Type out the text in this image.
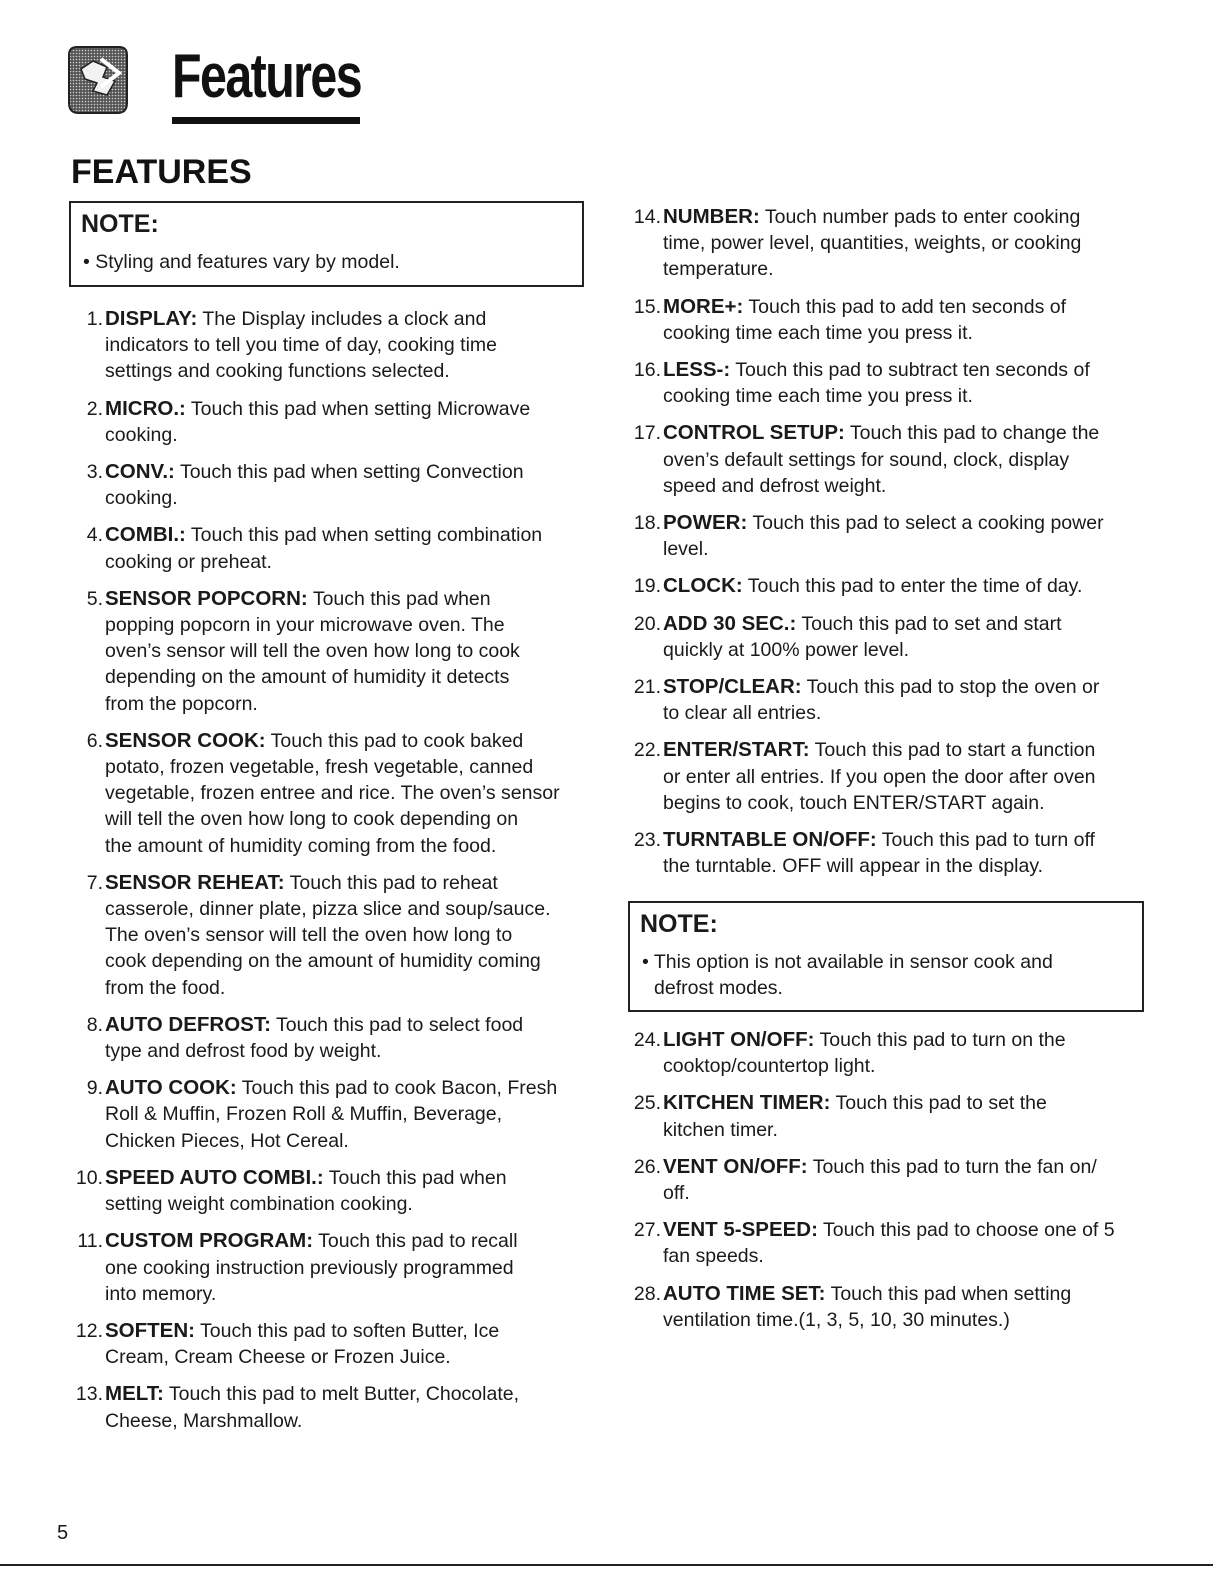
Features
FEATURES
NOTE:
• Styling and features vary by model.
1. DISPLAY: The Display includes a clock and
indicators to tell you time of day, cooking time
settings and cooking functions selected.
2. MICRO.: Touch this pad when setting Microwave
cooking.
3. CONV.: Touch this pad when setting Convection
cooking.
4. COMBI.: Touch this pad when setting combination
cooking or preheat.
5. SENSOR POPCORN: Touch this pad when
popping popcorn in your microwave oven. The
oven’s sensor will tell the oven how long to cook
depending on the amount of humidity it detects
from the popcorn.
6. SENSOR COOK: Touch this pad to cook baked
potato, frozen vegetable, fresh vegetable, canned
vegetable, frozen entree and rice. The oven’s sensor
will tell the oven how long to cook depending on
the amount of humidity coming from the food.
7. SENSOR REHEAT: Touch this pad to reheat
casserole, dinner plate, pizza slice and soup/sauce.
The oven’s sensor will tell the oven how long to
cook depending on the amount of humidity coming
from the food.
8. AUTO DEFROST: Touch this pad to select food
type and defrost food by weight.
9. AUTO COOK: Touch this pad to cook Bacon, Fresh
Roll & Muffin, Frozen Roll & Muffin, Beverage,
Chicken Pieces, Hot Cereal.
10. SPEED AUTO COMBI.: Touch this pad when
setting weight combination cooking.
11. CUSTOM PROGRAM: Touch this pad to recall
one cooking instruction previously programmed
into memory.
12. SOFTEN: Touch this pad to soften Butter, Ice
Cream, Cream Cheese or Frozen Juice.
13. MELT: Touch this pad to melt Butter, Chocolate,
Cheese, Marshmallow.
14. NUMBER: Touch number pads to enter cooking
time, power level, quantities, weights, or cooking
temperature.
15. MORE+: Touch this pad to add ten seconds of
cooking time each time you press it.
16. LESS-: Touch this pad to subtract ten seconds of
cooking time each time you press it.
17. CONTROL SETUP: Touch this pad to change the
oven’s default settings for sound, clock, display
speed and defrost weight.
18. POWER: Touch this pad to select a cooking power
level.
19. CLOCK: Touch this pad to enter the time of day.
20. ADD 30 SEC.: Touch this pad to set and start
quickly at 100% power level.
21. STOP/CLEAR: Touch this pad to stop the oven or
to clear all entries.
22. ENTER/START: Touch this pad to start a function
or enter all entries. If you open the door after oven
begins to cook, touch ENTER/START again.
23. TURNTABLE ON/OFF: Touch this pad to turn off
the turntable. OFF will appear in the display.
NOTE:
• This option is not available in sensor cook and
defrost modes.
24. LIGHT ON/OFF: Touch this pad to turn on the
cooktop/countertop light.
25. KITCHEN TIMER: Touch this pad to set the
kitchen timer.
26. VENT ON/OFF: Touch this pad to turn the fan on/
off.
27. VENT 5-SPEED: Touch this pad to choose one of 5
fan speeds.
28. AUTO TIME SET: Touch this pad when setting
ventilation time.(1, 3, 5, 10, 30 minutes.)
5
